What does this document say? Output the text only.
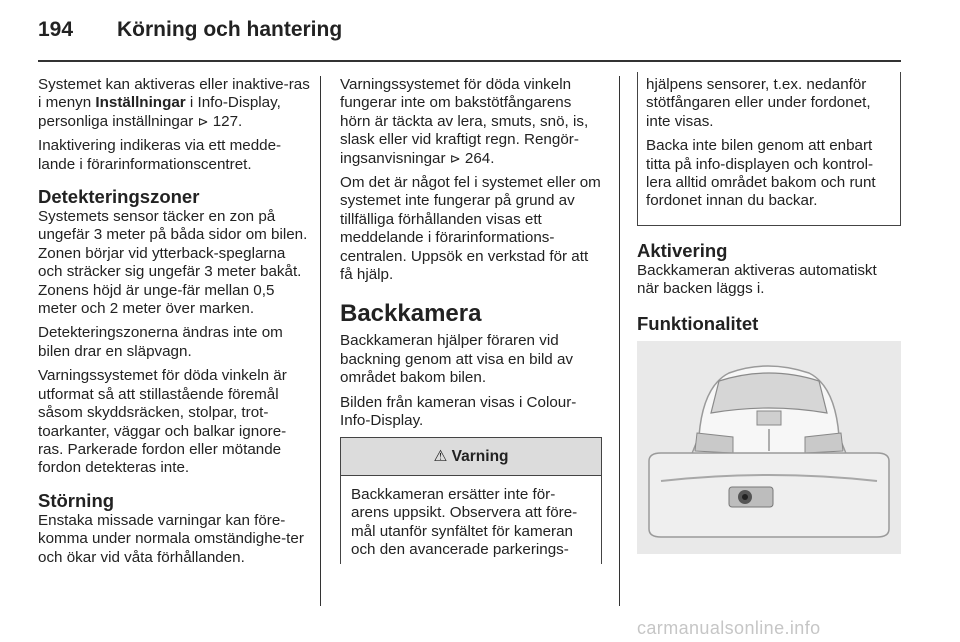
194 Körning och hantering

Systemet kan aktiveras eller inaktive-ras i menyn Inställningar i Info-Display, personliga inställningar ⊳ 127.

Inaktivering indikeras via ett medde-lande i förarinformationscentret.

Detekteringszoner

Systemets sensor täcker en zon på ungefär 3 meter på båda sidor om bilen. Zonen börjar vid ytterback-speglarna och sträcker sig ungefär 3 meter bakåt. Zonens höjd är unge-fär mellan 0,5 meter och 2 meter över marken.

Detekteringszonerna ändras inte om bilen drar en släpvagn.

Varningssystemet för döda vinkeln är utformat så att stillastående föremål såsom skyddsräcken, stolpar, trot-toarkanter, väggar och balkar ignore-ras. Parkerade fordon eller mötande fordon detekteras inte.

Störning

Enstaka missade varningar kan före-komma under normala omständighe-ter och ökar vid våta förhållanden.

Varningssystemet för döda vinkeln fungerar inte om bakstötfångarens hörn är täckta av lera, smuts, snö, is, slask eller vid kraftigt regn. Rengör-ingsanvisningar ⊳ 264.

Om det är något fel i systemet eller om systemet inte fungerar på grund av tillfälliga förhållanden visas ett meddelande i förarinformations-centralen. Uppsök en verkstad för att få hjälp.

Backkamera

Backkameran hjälper föraren vid backning genom att visa en bild av området bakom bilen.

Bilden från kameran visas i Colour-Info-Display.

⚠ Varning
Backkameran ersätter inte för-arens uppsikt. Observera att före-mål utanför synfältet för kameran och den avancerade parkerings-

hjälpens sensorer, t.ex. nedanför stötfångaren eller under fordonet, inte visas.

Backa inte bilen genom att enbart titta på info-displayen och kontrol-lera alltid området bakom och runt fordonet innan du backar.

Aktivering

Backkameran aktiveras automatiskt när backen läggs i.

Funktionalitet
carmanualsonline.info
